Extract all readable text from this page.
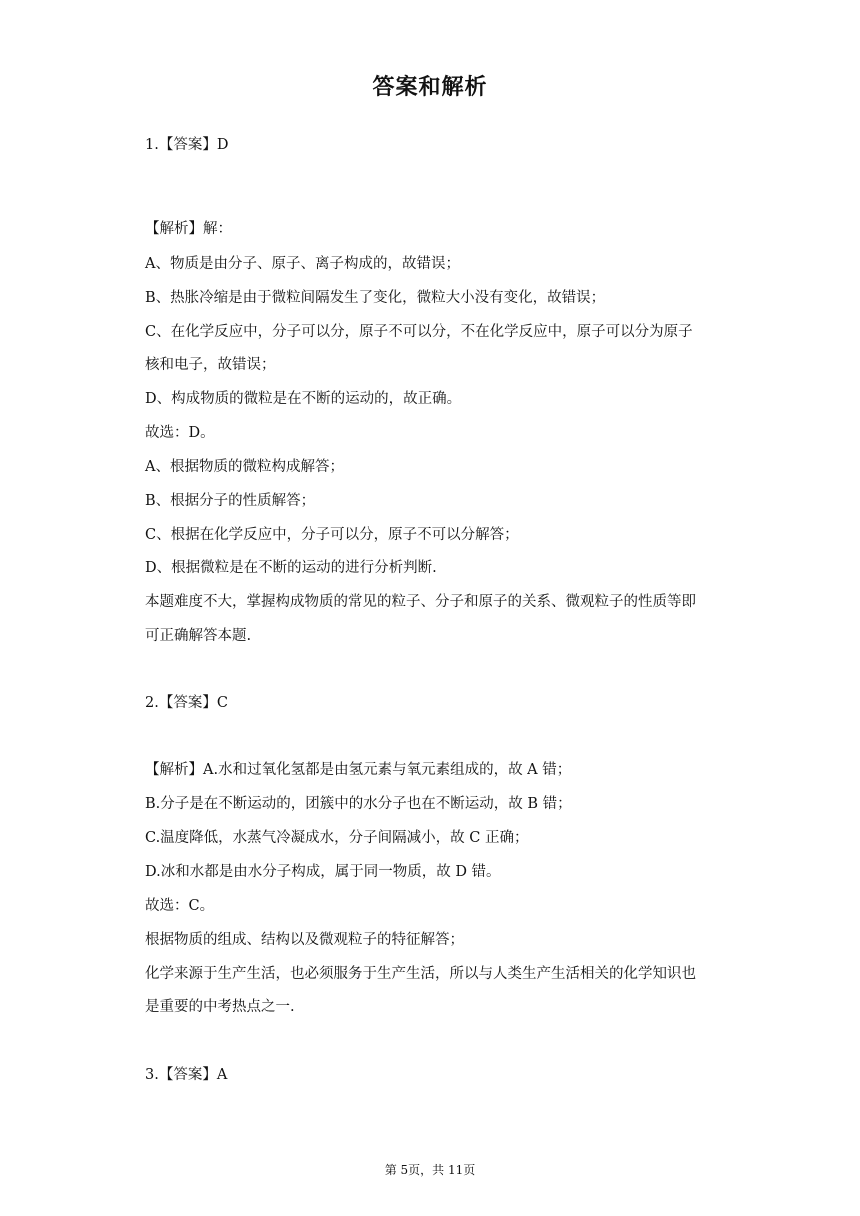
答案和解析
1.【答案】D
【解析】解：
A、物质是由分子、原子、离子构成的，故错误；
B、热胀冷缩是由于微粒间隔发生了变化，微粒大小没有变化，故错误；
C、在化学反应中，分子可以分，原子不可以分，不在化学反应中，原子可以分为原子
核和电子，故错误；
D、构成物质的微粒是在不断的运动的，故正确。
故选：D。
A、根据物质的微粒构成解答；
B、根据分子的性质解答；
C、根据在化学反应中，分子可以分，原子不可以分解答；
D、根据微粒是在不断的运动的进行分析判断.
本题难度不大，掌握构成物质的常见的粒子、分子和原子的关系、微观粒子的性质等即
可正确解答本题.
2.【答案】C
【解析】A.水和过氧化氢都是由氢元素与氧元素组成的，故 A 错；
B.分子是在不断运动的，团簇中的水分子也在不断运动，故 B 错；
C.温度降低，水蒸气冷凝成水，分子间隔减小，故 C 正确；
D.冰和水都是由水分子构成，属于同一物质，故 D 错。
故选：C。
根据物质的组成、结构以及微观粒子的特征解答；
化学来源于生产生活，也必须服务于生产生活，所以与人类生产生活相关的化学知识也
是重要的中考热点之一.
3.【答案】A
第 5页，共 11页
